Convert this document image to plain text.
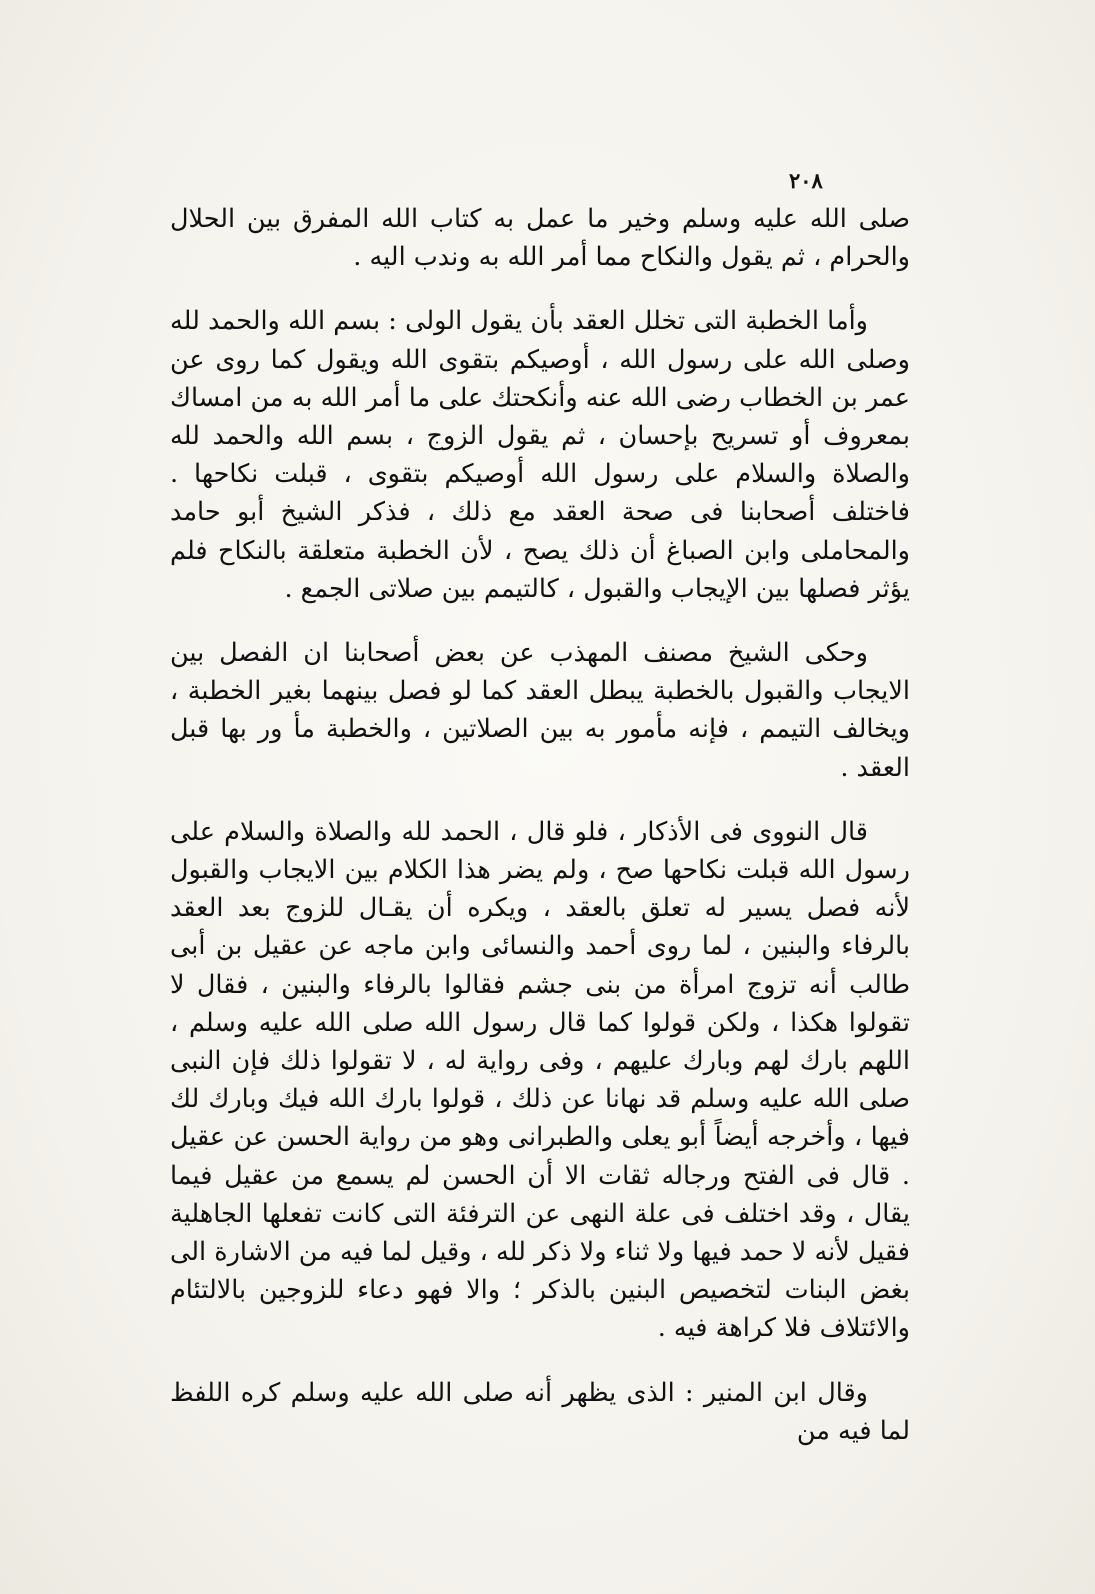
٢٠٨

صلى الله عليه وسلم وخير ما عمل به كتاب الله المفرق بين الحلال والحرام ، ثم يقول والنكاح مما أمر الله به وندب اليه .

وأما الخطبة التى تخلل العقد بأن يقول الولى : بسم الله والحمد لله وصلى الله على رسول الله ، أوصيكم بتقوى الله ويقول كما روى عن عمر بن الخطاب رضى الله عنه وأنكحتك على ما أمر الله به من امساك بمعروف أو تسريح بإحسان ، ثم يقول الزوج ، بسم الله والحمد لله والصلاة والسلام على رسول الله أوصيكم بتقوى ، قبلت نكاحها . فاختلف أصحابنا فى صحة العقد مع ذلك ، فذكر الشيخ أبو حامد والمحاملى وابن الصباغ أن ذلك يصح ، لأن الخطبة متعلقة بالنكاح فلم يؤثر فصلها بين الإيجاب والقبول ، كالتيمم بين صلاتى الجمع .

وحكى الشيخ مصنف المهذب عن بعض أصحابنا ان الفصل بين الايجاب والقبول بالخطبة يبطل العقد كما لو فصل بينهما بغير الخطبة ، ويخالف التيمم ، فإنه مأمور به بين الصلاتين ، والخطبة مأ ور بها قبل العقد .

قال النووى فى الأذكار ، فلو قال ، الحمد لله والصلاة والسلام على رسول الله قبلت نكاحها صح ، ولم يضر هذا الكلام بين الايجاب والقبول لأنه فصل يسير له تعلق بالعقد ، ويكره أن يقـال للزوج بعد العقد بالرفاء والبنين ، لما روى أحمد والنسائى وابن ماجه عن عقيل بن أبى طالب أنه تزوج امرأة من بنى جشم فقالوا بالرفاء والبنين ، فقال لا تقولوا هكذا ، ولكن قولوا كما قال رسول الله صلى الله عليه وسلم ، اللهم بارك لهم وبارك عليهم ، وفى رواية له ، لا تقولوا ذلك فإن النبى صلى الله عليه وسلم قد نهانا عن ذلك ، قولوا بارك الله فيك وبارك لك فيها ، وأخرجه أيضاً أبو يعلى والطبرانى وهو من رواية الحسن عن عقيل . قال فى الفتح ورجاله ثقات الا أن الحسن لم يسمع من عقيل فيما يقال ، وقد اختلف فى علة النهى عن الترفئة التى كانت تفعلها الجاهلية فقيل لأنه لا حمد فيها ولا ثناء ولا ذكر لله ، وقيل لما فيه من الاشارة الى بغض البنات لتخصيص البنين بالذكر ؛ والا فهو دعاء للزوجين بالالتئام والائتلاف فلا كراهة فيه .

وقال ابن المنير : الذى يظهر أنه صلى الله عليه وسلم كره اللفظ لما فيه من
